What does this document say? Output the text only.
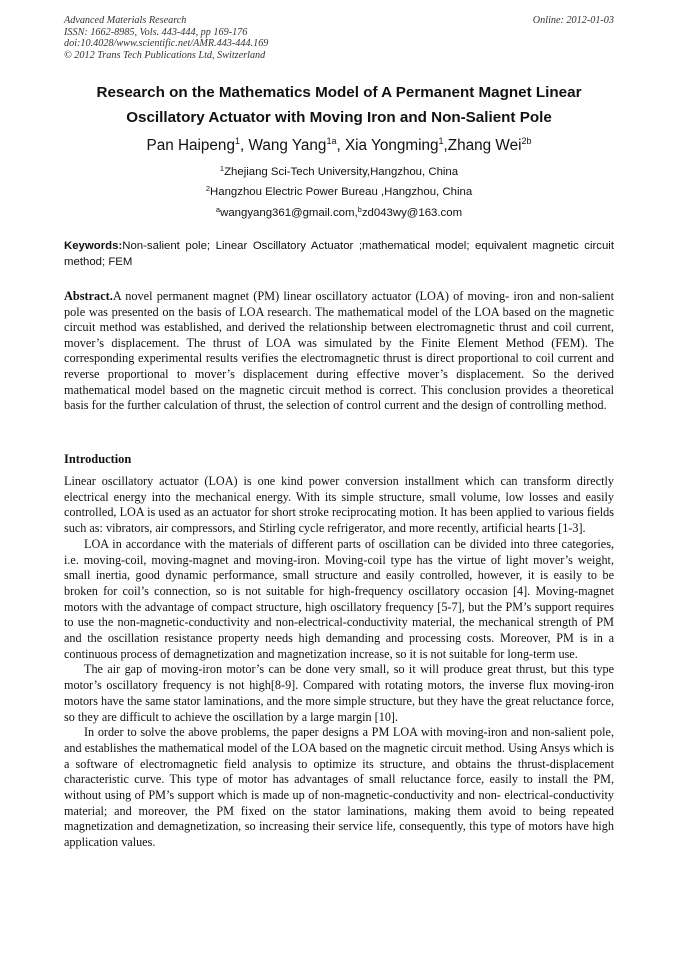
Advanced Materials Research
ISSN: 1662-8985, Vols. 443-444, pp 169-176
doi:10.4028/www.scientific.net/AMR.443-444.169
© 2012 Trans Tech Publications Ltd, Switzerland
Online: 2012-01-03
Research on the Mathematics Model of A Permanent Magnet Linear
Oscillatory Actuator with Moving Iron and Non-Salient Pole
Pan Haipeng$^1$, Wang Yang$^{1a}$, Xia Yongming$^1$,Zhang Wei$^{2b}$
$^1$Zhejiang Sci-Tech University,Hangzhou, China
$^2$Hangzhou Electric Power Bureau ,Hangzhou, China
$^a$wangyang361@gmail.com,$^b$zd043wy@163.com
Keywords:Non-salient pole; Linear Oscillatory Actuator ;mathematical model; equivalent magnetic circuit method; FEM
Abstract.A novel permanent magnet (PM) linear oscillatory actuator (LOA) of moving- iron and non-salient pole was presented on the basis of LOA research. The mathematical model of the LOA based on the magnetic circuit method was established, and derived the relationship between electromagnetic thrust and coil current, mover’s displacement. The thrust of LOA was simulated by the Finite Element Method (FEM). The corresponding experimental results verifies the electromagnetic thrust is direct proportional to coil current and reverse proportional to mover’s displacement during effective mover’s displacement. So the derived mathematical model based on the magnetic circuit method is correct. This conclusion provides a theoretical basis for the further calculation of thrust, the selection of control current and the design of controlling method.
Introduction

Linear oscillatory actuator (LOA) is one kind power conversion installment which can transform directly electrical energy into the mechanical energy. With its simple structure, small volume, low losses and easily controlled, LOA is used as an actuator for short stroke reciprocating motion. It has been applied to various fields such as: vibrators, air compressors, and Stirling cycle refrigerator, and more recently, artificial hearts [1-3].

LOA in accordance with the materials of different parts of oscillation can be divided into three categories, i.e. moving-coil, moving-magnet and moving-iron. Moving-coil type has the virtue of light mover’s weight, small inertia, good dynamic performance, small structure and easily controlled, however, it is easily to be broken for coil’s connection, so is not suitable for high-frequency oscillatory occasion [4]. Moving-magnet motors with the advantage of compact structure, high oscillatory frequency [5-7], but the PM’s support requires to use the non-magnetic-conductivity and non-electrical-conductivity material, the mechanical strength of PM and the oscillation resistance property needs high demanding and processing costs. Moreover, PM is in a continuous process of demagnetization and magnetization increase, so it is not suitable for long-term use.

The air gap of moving-iron motor’s can be done very small, so it will produce great thrust, but this type motor’s oscillatory frequency is not high[8-9]. Compared with rotating motors, the inverse flux moving-iron motors have the same stator laminations, and the more simple structure, but they have the great reluctance force, so they are difficult to achieve the oscillation by a large margin [10].

In order to solve the above problems, the paper designs a PM LOA with moving-iron and non-salient pole, and establishes the mathematical model of the LOA based on the magnetic circuit method. Using Ansys which is a software of electromagnetic field analysis to optimize its structure, and obtains the thrust-displacement characteristic curve. This type of motor has advantages of small reluctance force, easily to install the PM, without using of PM’s support which is made up of non-magnetic-conductivity and non- electrical-conductivity material; and moreover, the PM fixed on the stator laminations, making them avoid to being repeated magnetization and demagnetization, so increasing their service life, consequently, this type of motors have high application values.
